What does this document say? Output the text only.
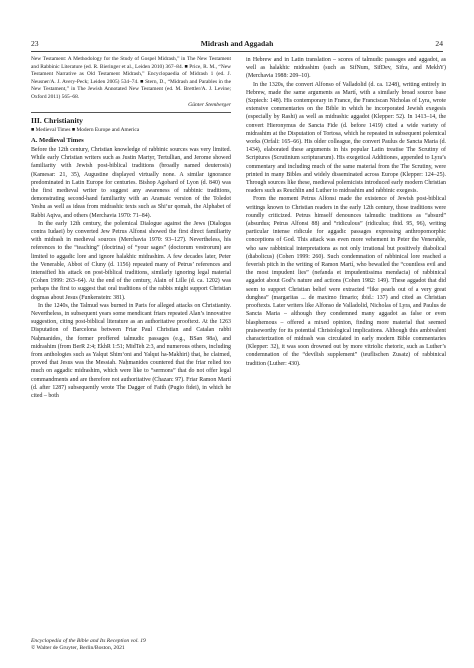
23	Midrash and Aggadah	24

New Testament: A Methodology for the Study of Gospel Midrash,” in The New Testament and Rabbinic Literature (ed. R. Bieringer et al., Leiden 2010) 367–84. ■ Price, R. M., “New Testament Narrative as Old Testament Midrash,” Encyclopaedia of Midrash 1 (ed. J. Neusner/A. J. Avery-Peck; Leiden 2005) 534–74. ■ Stern, D., “Midrash and Parables in the New Testament,” in The Jewish Annotated New Testament (ed. M. Brettler/A. J. Levine; Oxford 2011) 565–68.

Günter Stemberger
III. Christianity
■ Medieval Times ■ Modern Europe and America
A. Medieval Times

Before the 12th century, Christian knowledge of rabbinic sources was very limited. While early Christian writers such as Justin Martyr, Tertullian, and Jerome showed familiarity with Jewish post-biblical traditions (broadly named deuterosis) (Kamesar: 21, 35), Augustine displayed virtually none. A similar ignorance predominated in Latin Europe for centuries. Bishop Agobard of Lyon (d. 840) was the first medieval writer to suggest any awareness of rabbinic traditions, demonstrating second-hand familiarity with an Aramaic version of the Toledot Yeshu as well as ideas from midrashic texts such as Shi‘ur qomah, the Alphabet of Rabbi Aqiva, and others (Merchavia 1970: 71–84).

In the early 12th century, the polemical Dialogue against the Jews (Dialogus contra Iudaei) by converted Jew Petrus Alfonsi showed the first direct familiarity with midrash in medieval sources (Merchavia 1970: 93–127). Nevertheless, his references to the “teaching” (doctrina) of “your sages” (doctorum vestrorum) are limited to aggadic lore and ignore halakhic midrashim. A few decades later, Peter the Venerable, Abbot of Cluny (d. 1156) repeated many of Petrus’ references and intensified his attack on post-biblical traditions, similarly ignoring legal material (Cohen 1999: 263–64). At the end of the century, Alain of Lille (d. ca. 1202) was perhaps the first to suggest that oral traditions of the rabbis might support Christian dogmas about Jesus (Funkenstein: 381).

In the 1240s, the Talmud was burned in Paris for alleged attacks on Christianity. Nevertheless, in subsequent years some mendicant friars repeated Alan’s innovative suggestion, citing post-biblical literature as an authoritative prooftext. At the 1263 Disputation of Barcelona between Friar Paul Christian and Catalan rabbi Naḥmanides, the former proffered talmudic passages (e.g., BSan 98a), and midrashim (from BerR 2:4; EkhR 1:51; MidTeh 2:3, and numerous others, including from anthologies such as Yalqut Shim‘oni and Yalqut ha-Makhiri) that, he claimed, proved that Jesus was the Messiah. Naḥmanides countered that the friar relied too much on aggadic midrashim, which were like to “sermons” that do not offer legal commandments and are therefore not authoritative (Chazan: 97). Friar Ramon Martí (d. after 1287) subsequently wrote The Dagger of Faith (Pugio fidei), in which he cited – both

in Hebrew and in Latin translation – scores of talmudic passages and aggadot, as well as halakhic midrashim (such as SifNum, SifDev, Sifra, and MekhY) (Merchavia 1988: 209–10).

In the 1320s, the convert Alfonso of Valladolid (d. ca. 1248), writing entirely in Hebrew, made the same arguments as Martí, with a similarly broad source base (Szpiech: 148). His contemporary in France, the Franciscan Nicholas of Lyra, wrote extensive commentaries on the Bible in which he incorporated Jewish exegesis (especially by Rashi) as well as midrashic aggadot (Klepper: 52). In 1413–14, the convert Hieronymus de Sancta Fide (d. before 1419) cited a wide variety of midrashim at the Disputation of Tortosa, which he repeated in subsequent polemical works (Orfali: 165–66). His older colleague, the convert Paulus de Sancta Maria (d. 1434), elaborated these arguments in his popular Latin treatise The Scrutiny of Scriptures (Scrutinium scripturarum). His exegetical Additiones, appended to Lyra’s commentary and including much of the same material from the The Scrutiny, were printed in many Bibles and widely disseminated across Europe (Klepper: 124–25). Through sources like these, medieval polemicists introduced early modern Christian readers such as Reuchlin and Luther to midrashim and rabbinic exegesis.

From the moment Petrus Alfonsi made the existence of Jewish post-biblical writings known to Christian readers in the early 12th century, those traditions were roundly criticized. Petrus himself denounces talmudic traditions as “absurd” (absurdus; Petrus Alfonsi 88) and “ridiculous” (ridiculus; ibid. 95, 96), writing particular intense ridicule for aggadic passages expressing anthropomorphic conceptions of God. This attack was even more vehement in Peter the Venerable, who saw rabbinical interpretations as not only irrational but positively diabolical (diabolicus) (Cohen 1999: 260). Such condemnation of rabbinical lore reached a feverish pitch in the writing of Ramon Martí, who bewailed the “countless evil and the most impudent lies” (nefanda et impudentissima mendacia) of rabbinical aggadot about God’s nature and actions (Cohen 1982: 149). These aggadot that did seem to support Christian belief were extracted “like pearls out of a very great dunghea” (margaritas ... de maximo fimario; ibid.: 137) and cited as Christian prooftexts. Later writers like Alfonso de Valladolid, Nicholas of Lyra, and Paulus de Sancta Maria – although they condemned many aggadot as false or even blasphemous – offered a mixed opinion, finding more material that seemed praiseworthy for its potential Christological implications. Although this ambivalent characterization of midrash was circulated in early modern Bible commentaries (Klepper: 32), it was soon drowned out by more vitriolic rhetoric, such as Luther’s condemnation of the “devilish supplement” (teuflischen Zusatz) of rabbinical tradition (Luther: 430).

Encyclopedia of the Bible and Its Reception vol. 19
© Walter de Gruyter, Berlin/Boston, 2021
